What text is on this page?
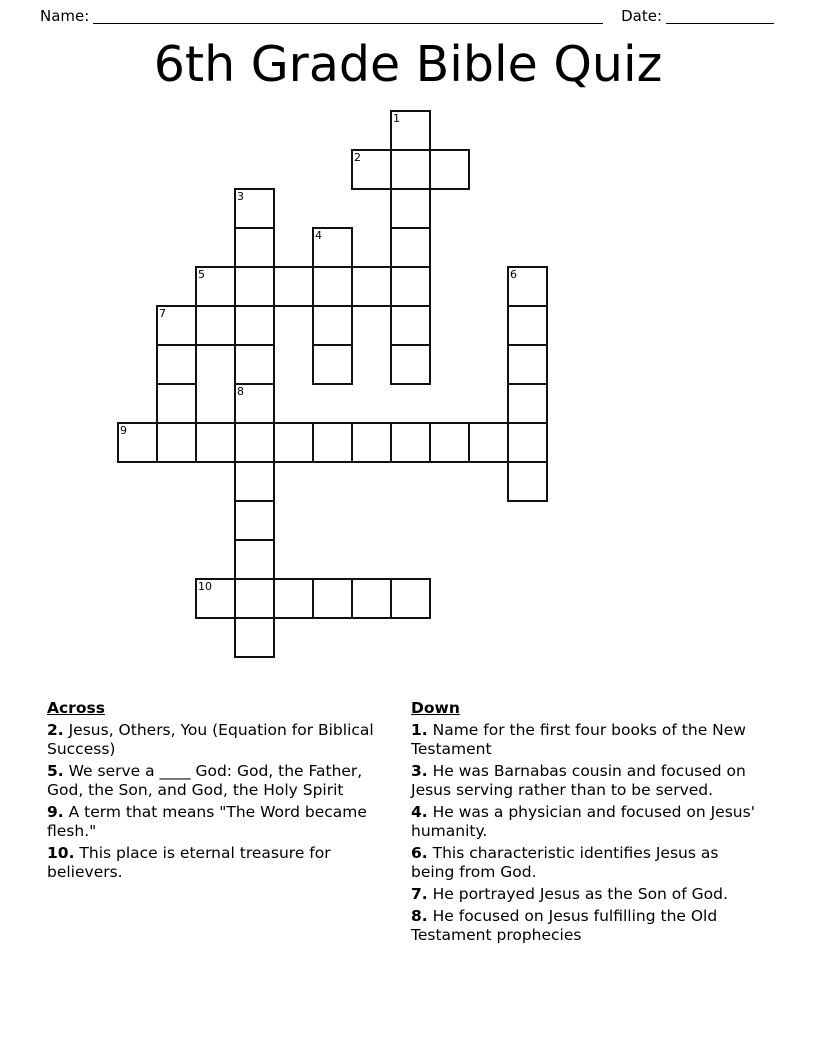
Name:	Date:
6th Grade Bible Quiz
1
2
3
4
5	6
7
8
9
10
Across

2. Jesus, Others, You (Equation for Biblical Success)

5. We serve a ____ God: God, the Father, God, the Son, and God, the Holy Spirit

9. A term that means "The Word became flesh."

10. This place is eternal treasure for believers.

Down

1. Name for the first four books of the New Testament

3. He was Barnabas cousin and focused on Jesus serving rather than to be served.

4. He was a physician and focused on Jesus' humanity.

6. This characteristic identifies Jesus as being from God.

7. He portrayed Jesus as the Son of God.

8. He focused on Jesus fulfilling the Old Testament prophecies
